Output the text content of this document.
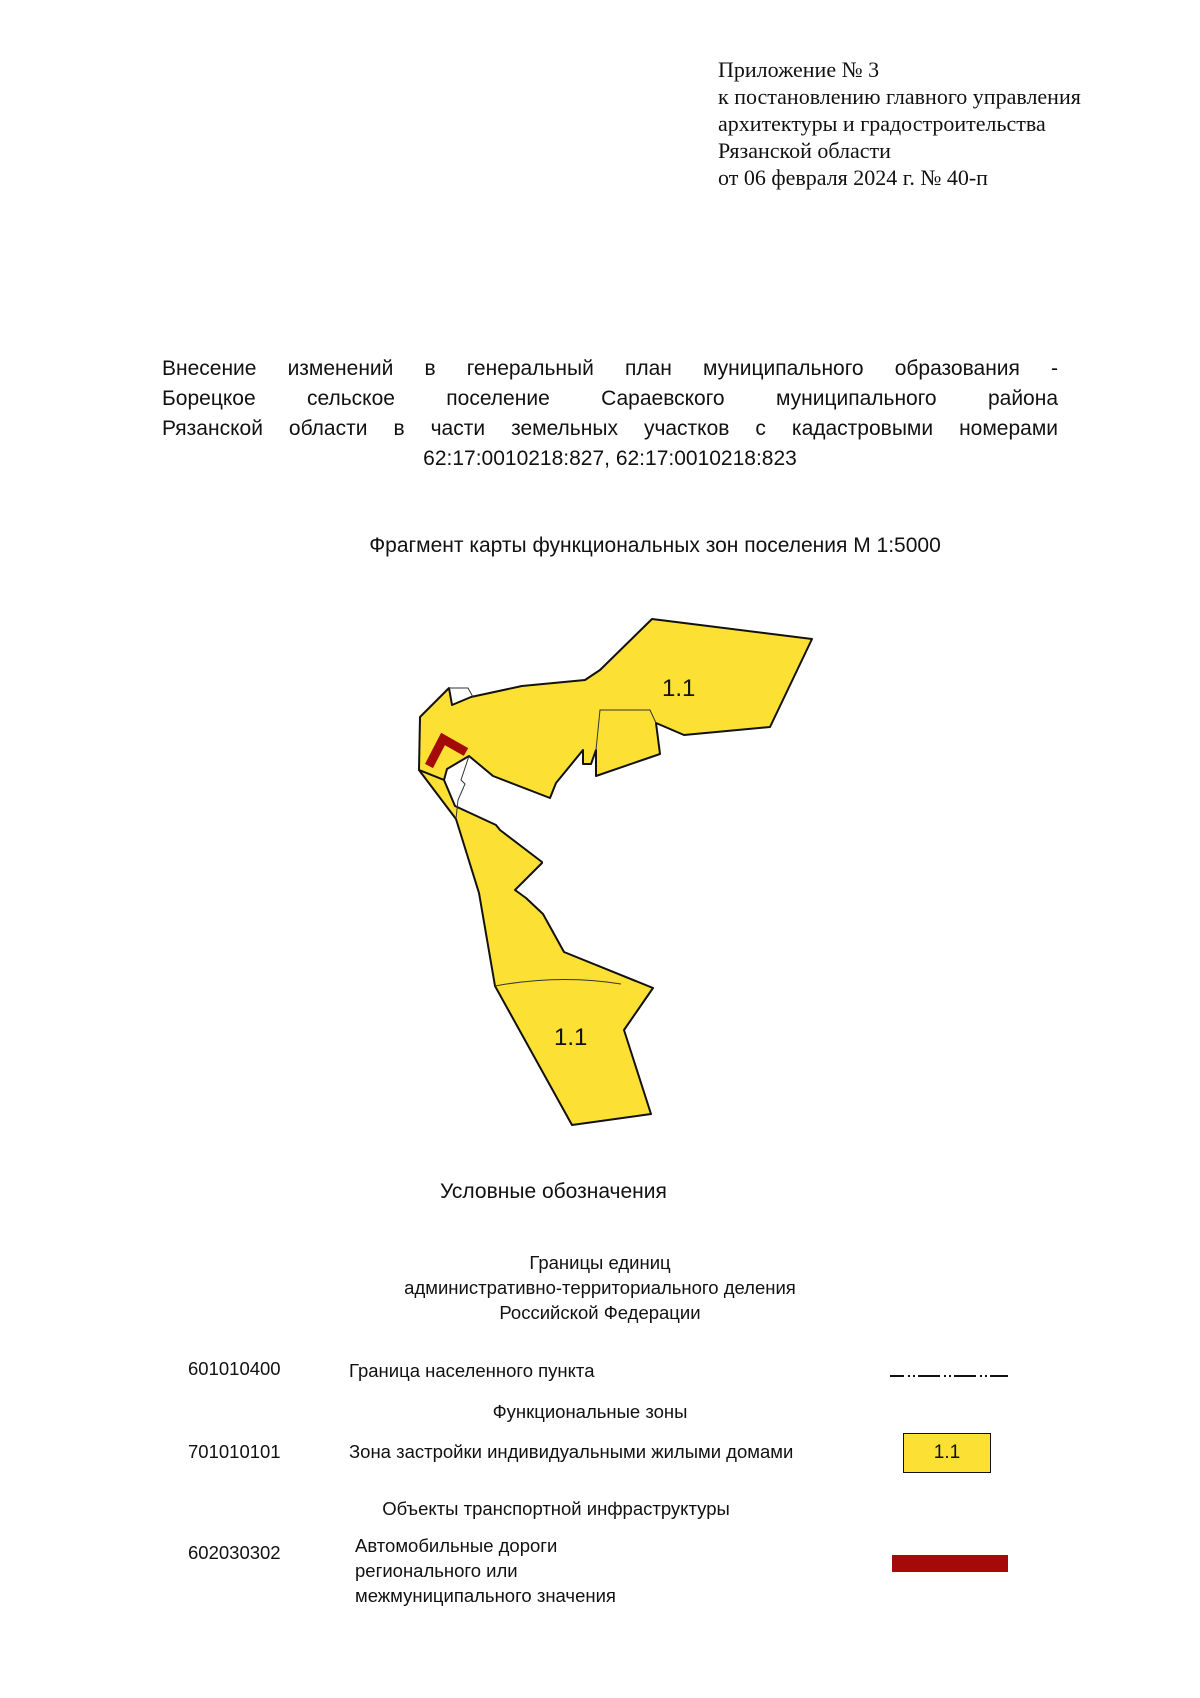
Приложение № 3
к постановлению главного управления
архитектуры и градостроительства
Рязанской области
от 06 февраля 2024 г. № 40-п
Внесение изменений в генеральный план муниципального образования -
Борецкое сельское поселение Сараевского муниципального района
Рязанской области в части земельных участков с кадастровыми номерами
62:17:0010218:827, 62:17:0010218:823
Фрагмент карты функциональных зон поселения М 1:5000
1.1
1.1
Условные обозначения
Границы единиц
административно-территориального деления
Российской Федерации
601010400	Граница населенного пункта
Функциональные зоны
701010101	Зона застройки индивидуальными жилыми домами	1.1
Объекты транспортной инфраструктуры
602030302	Автомобильные дороги
регионального или
межмуниципального значения
